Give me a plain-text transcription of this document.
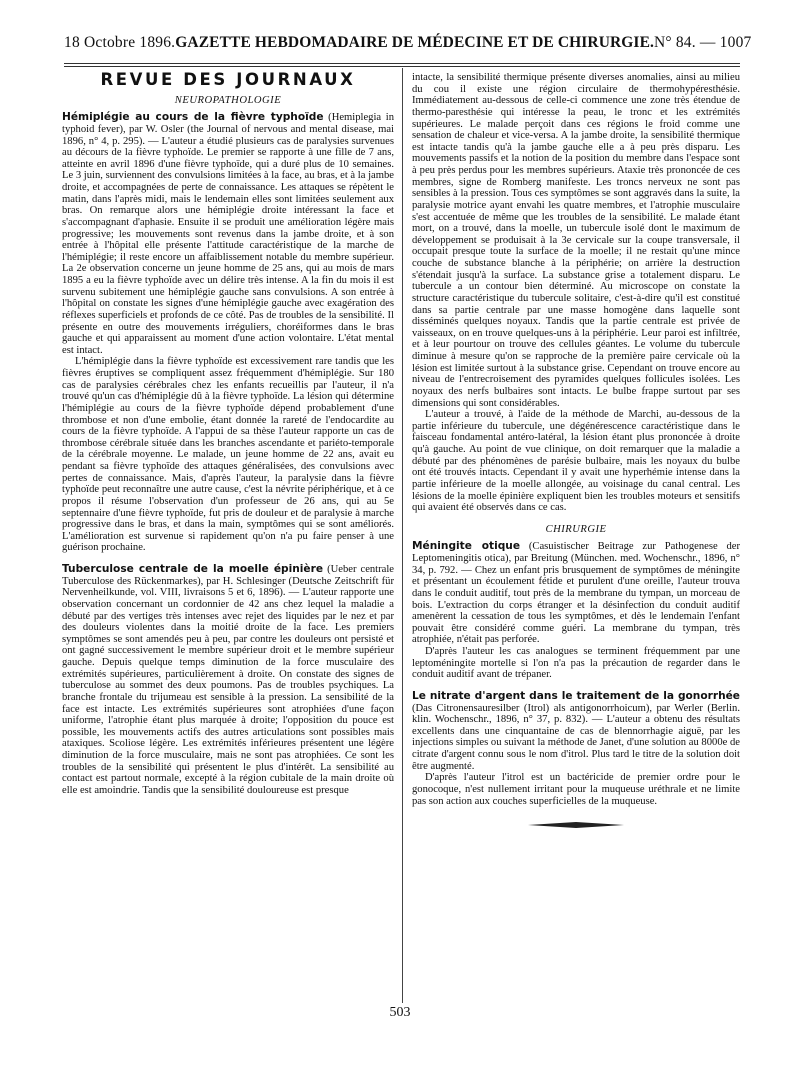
18 Octobre 1896. GAZETTE HEBDOMADAIRE DE MÉDECINE ET DE CHIRURGIE. N° 84. — 1007
REVUE DES JOURNAUX
NEUROPATHOLOGIE

Hémiplégie au cours de la fièvre typhoïde (Hemiplegia in typhoid fever), par W. Osler (the Journal of nervous and mental disease, mai 1896, n° 4, p. 295). — L'auteur a étudié plusieurs cas de paralysies survenues au décours de la fièvre typhoïde. Le premier se rapporte à une fille de 7 ans, atteinte en avril 1896 d'une fièvre typhoïde, qui a duré plus de 10 semaines. Le 3 juin, surviennent des convulsions limitées à la face, au bras, et à la jambe droite, et accompagnées de perte de connaissance. Les attaques se répètent le matin, dans l'après midi, mais le lendemain elles sont limitées seulement aux bras. On remarque alors une hémiplégie droite intéressant la face et s'accompagnant d'aphasie. Ensuite il se produit une amélioration légère mais progressive; les mouvements sont revenus dans la jambe droite, et à son entrée à l'hôpital elle présente l'attitude caractéristique de la marche de l'hémiplégie; il reste encore un affaiblissement notable du membre supérieur. La 2e observation concerne un jeune homme de 25 ans, qui au mois de mars 1895 a eu la fièvre typhoïde avec un délire très intense. A la fin du mois il est survenu subitement une hémiplégie gauche sans convulsions. A son entrée à l'hôpital on constate les signes d'une hémiplégie gauche avec exagération des réflexes superficiels et profonds de ce côté. Pas de troubles de la sensibilité. Il présente en outre des mouvements irréguliers, choréiformes dans le bras gauche et qui apparaissent au moment d'une action volontaire. L'état mental est intact.

L'hémiplégie dans la fièvre typhoïde est excessivement rare tandis que les fièvres éruptives se compliquent assez fréquemment d'hémiplégie. Sur 180 cas de paralysies cérébrales chez les enfants recueillis par l'auteur, il n'a trouvé qu'un cas d'hémiplégie dû à la fièvre typhoïde. La lésion qui détermine l'hémiplégie au cours de la fièvre typhoïde dépend probablement d'une thrombose et non d'une embolie, étant donnée la rareté de l'endocardite au cours de la fièvre typhoïde. A l'appui de sa thèse l'auteur rapporte un cas de thrombose cérébrale située dans les branches ascendante et pariéto-temporale de la cérébrale moyenne. Le malade, un jeune homme de 22 ans, avait eu pendant sa fièvre typhoïde des attaques généralisées, des convulsions avec pertes de connaissance. Mais, d'après l'auteur, la paralysie dans la fièvre typhoïde peut reconnaître une autre cause, c'est la névrite périphérique, et à ce propos il résume l'observation d'un professeur de 26 ans, qui au 5e septennaire d'une fièvre typhoïde, fut pris de douleur et de paralysie à marche progressive dans le bras, et dans la main, symptômes qui se sont améliorés. L'amélioration est survenue si rapidement qu'on n'a pu faire penser à une guérison prochaine.

Tuberculose centrale de la moelle épinière (Ueber centrale Tuberculose des Rückenmarkes), par H. Schlesinger (Deutsche Zeitschrift für Nervenheilkunde, vol. VIII, livraisons 5 et 6, 1896). — L'auteur rapporte une observation concernant un cordonnier de 42 ans chez lequel la maladie a débuté par des vertiges très intenses avec rejet des liquides par le nez et par des douleurs violentes dans la moitié droite de la face. Les premiers symptômes se sont amendés peu à peu, par contre les douleurs ont persisté et ont gagné successivement le membre supérieur droit et le membre supérieur gauche. Depuis quelque temps diminution de la force musculaire des extrémités supérieures, particulièrement à droite. On constate des signes de tuberculose au sommet des deux poumons. Pas de troubles psychiques. La branche frontale du trijumeau est sensible à la pression. La sensibilité de la face est intacte. Les extrémités supérieures sont atrophiées d'une façon uniforme, l'atrophie étant plus marquée à droite; l'opposition du pouce est possible, les mouvements actifs des autres articulations sont possibles mais ataxiques. Scoliose légère. Les extrémités inférieures présentent une légère diminution de la force musculaire, mais ne sont pas atrophiées. Ce sont les troubles de la sensibilité qui présentent le plus d'intérêt. La sensibilité au contact est partout normale, excepté à la région cubitale de la main droite où elle est amoindrie. Tandis que la sensibilité douloureuse est presque

intacte, la sensibilité thermique présente diverses anomalies, ainsi au milieu du cou il existe une région circulaire de thermohypéresthésie. Immédiatement au-dessous de celle-ci commence une zone très étendue de thermo-paresthésie qui intéresse la peau, le tronc et les extrémités supérieures. Le malade perçoit dans ces régions le froid comme une sensation de chaleur et vice-versa. A la jambe droite, la sensibilité thermique est intacte tandis qu'à la jambe gauche elle a à peu près disparu. Les mouvements passifs et la notion de la position du membre dans l'espace sont à peu près perdus pour les membres supérieurs. Ataxie très prononcée de ces membres, signe de Romberg manifeste. Les troncs nerveux ne sont pas sensibles à la pression. Tous ces symptômes se sont aggravés dans la suite, la paralysie motrice ayant envahi les quatre membres, et l'atrophie musculaire s'est accentuée de même que les troubles de la sensibilité. Le malade étant mort, on a trouvé, dans la moelle, un tubercule isolé dont le maximum de développement se produisait à la 3e cervicale sur la coupe transversale, il occupait presque toute la surface de la moelle; il ne restait qu'une mince couche de substance blanche à la périphérie; on arrière la destruction s'étendait jusqu'à la surface. La substance grise a totalement disparu. Le tubercule a un contour bien déterminé. Au microscope on constate la structure caractéristique du tubercule solitaire, c'est-à-dire qu'il est constitué dans sa partie centrale par une masse homogène dans laquelle sont disséminés quelques noyaux. Tandis que la partie centrale est privée de vaisseaux, on en trouve quelques-uns à la périphérie. Leur paroi est infiltrée, et à leur pourtour on trouve des cellules géantes. Le volume du tubercule diminue à mesure qu'on se rapproche de la première paire cervicale où la lésion est limitée surtout à la substance grise. Cependant on trouve encore au niveau de l'entrecroisement des pyramides quelques follicules isolées. Les noyaux des nerfs bulbaires sont intacts. Le bulbe frappe surtout par ses dimensions qui sont considérables.

L'auteur a trouvé, à l'aide de la méthode de Marchi, au-dessous de la partie inférieure du tubercule, une dégénérescence caractéristique dans le faisceau fondamental antéro-latéral, la lésion étant plus prononcée à droite qu'à gauche. Au point de vue clinique, on doit remarquer que la maladie a débuté par des phénomènes de parésie bulbaire, mais les noyaux du bulbe ont été trouvés intacts. Cependant il y avait une hyperhémie intense dans la partie inférieure de la moelle allongée, au voisinage du canal central. Les lésions de la moelle épinière expliquent bien les troubles moteurs et sensitifs qui avaient été observés dans ce cas.

CHIRURGIE

Méningite otique (Casuistischer Beitrage zur Pathogenese der Leptomeningitis otica), par Breitung (München. med. Wochenschr., 1896, n° 34, p. 792. — Chez un enfant pris brusquement de symptômes de méningite et présentant un écoulement fétide et purulent d'une oreille, l'auteur trouva dans le conduit auditif, tout près de la membrane du tympan, un morceau de bois. L'extraction du corps étranger et la désinfection du conduit auditif amenèrent la cessation de tous les symptômes, et dès le lendemain l'enfant pouvait être considéré comme guéri. La membrane du tympan, très atrophiée, n'était pas perforée.

D'après l'auteur les cas analogues se terminent fréquemment par une leptoméningite mortelle si l'on n'a pas la précaution de regarder dans le conduit auditif avant de trépaner.

Le nitrate d'argent dans le traitement de la gonorrhée (Das Citronensauresilber (Itrol) als antigonorrhoicum), par Werler (Berlin. klin. Wochenschr., 1896, n° 37, p. 832). — L'auteur a obtenu des résultats excellents dans une cinquantaine de cas de blennorrhagie aiguë, par les injections simples ou suivant la méthode de Janet, d'une solution au 8000e de citrate d'argent connu sous le nom d'itrol. Plus tard le titre de la solution doit être augmenté.

D'après l'auteur l'itrol est un bactéricide de premier ordre pour le gonocoque, n'est nullement irritant pour la muqueuse uréthrale et ne limite pas son action aux couches superficielles de la muqueuse.

503
